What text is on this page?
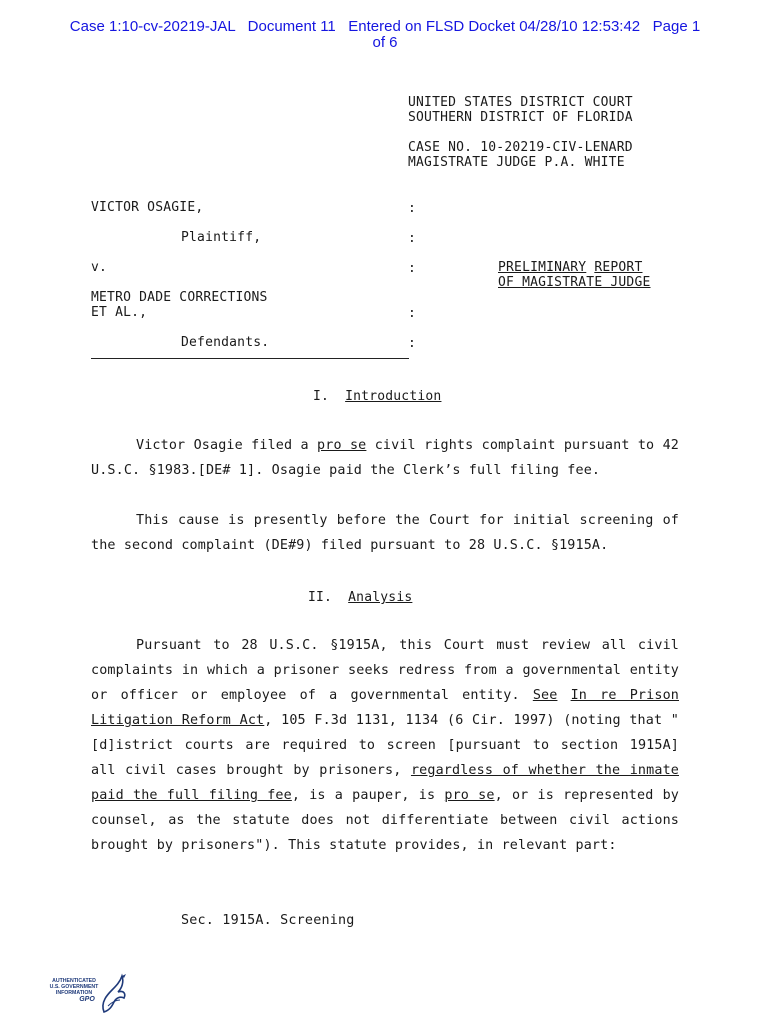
Case 1:10-cv-20219-JAL   Document 11   Entered on FLSD Docket 04/28/10 12:53:42   Page 1
of 6
UNITED STATES DISTRICT COURT
SOUTHERN DISTRICT OF FLORIDA
CASE NO. 10-20219-CIV-LENARD
MAGISTRATE JUDGE P.A. WHITE
VICTOR OSAGIE,	:
Plaintiff,	:
v.	:	PRELIMINARY REPORT
OF MAGISTRATE JUDGE
METRO DADE CORRECTIONS
ET AL.,	:
Defendants.	:
I. Introduction
Victor Osagie filed a pro se civil rights complaint pursuant to 42 U.S.C. §1983.[DE# 1]. Osagie paid the Clerk’s full filing fee.
This cause is presently before the Court for initial screening of the second complaint (DE#9) filed pursuant to 28 U.S.C. §1915A.
II. Analysis
Pursuant to 28 U.S.C. §1915A, this Court must review all civil complaints in which a prisoner seeks redress from a governmental entity or officer or employee of a governmental entity. See In re Prison Litigation Reform Act, 105 F.3d 1131, 1134 (6 Cir. 1997) (noting that "[d]istrict courts are required to screen [pursuant to section 1915A] all civil cases brought by prisoners, regardless of whether the inmate paid the full filing fee, is a pauper, is pro se, or is represented by counsel, as the statute does not differentiate between civil actions brought by prisoners"). This statute provides, in relevant part:
Sec. 1915A. Screening
AUTHENTICATED
U.S. GOVERNMENT
INFORMATION
GPO
